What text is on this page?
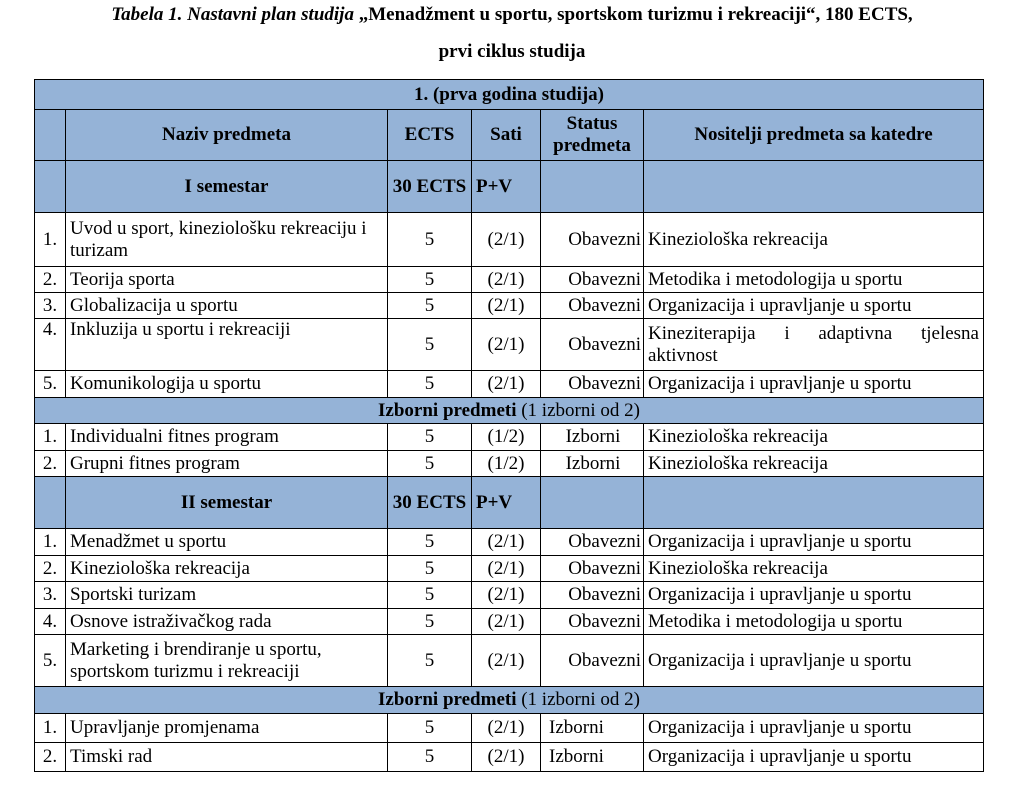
Tabela 1. Nastavni plan studija „Menadžment u sportu, sportskom turizmu i rekreaciji“, 180 ECTS,
prvi ciklus studija
1. (prva godina studija)					
	Naziv predmeta	ECTS	Sati	Status predmeta	Nositelji predmeta sa katedre
	I semestar	30 ECTS	P+V		
1.	Uvod u sport, kineziološku rekreaciju i turizam	5	(2/1)	Obavezni	Kineziološka rekreacija
2.	Teorija sporta	5	(2/1)	Obavezni	Metodika i metodologija u sportu
3.	Globalizacija u sportu	5	(2/1)	Obavezni	Organizacija i upravljanje u sportu
4.	Inkluzija u sportu i rekreaciji	5	(2/1)	Obavezni	Kineziterapija i adaptivna tjelesna aktivnost
5.	Komunikologija u sportu	5	(2/1)	Obavezni	Organizacija i upravljanje u sportu
Izborni predmeti (1 izborni od 2)					
1.	Individualni fitnes program	5	(1/2)	Izborni	Kineziološka rekreacija
2.	Grupni fitnes program	5	(1/2)	Izborni	Kineziološka rekreacija
	II semestar	30 ECTS	P+V		
1.	Menadžmet u sportu	5	(2/1)	Obavezni	Organizacija i upravljanje u sportu
2.	Kineziološka rekreacija	5	(2/1)	Obavezni	Kineziološka rekreacija
3.	Sportski turizam	5	(2/1)	Obavezni	Organizacija i upravljanje u sportu
4.	Osnove istraživačkog rada	5	(2/1)	Obavezni	Metodika i metodologija u sportu
5.	Marketing i brendiranje u sportu, sportskom turizmu i rekreaciji	5	(2/1)	Obavezni	Organizacija i upravljanje u sportu
Izborni predmeti (1 izborni od 2)					
1.	Upravljanje promjenama	5	(2/1)	Izborni	Organizacija i upravljanje u sportu
2.	Timski rad	5	(2/1)	Izborni	Organizacija i upravljanje u sportu
